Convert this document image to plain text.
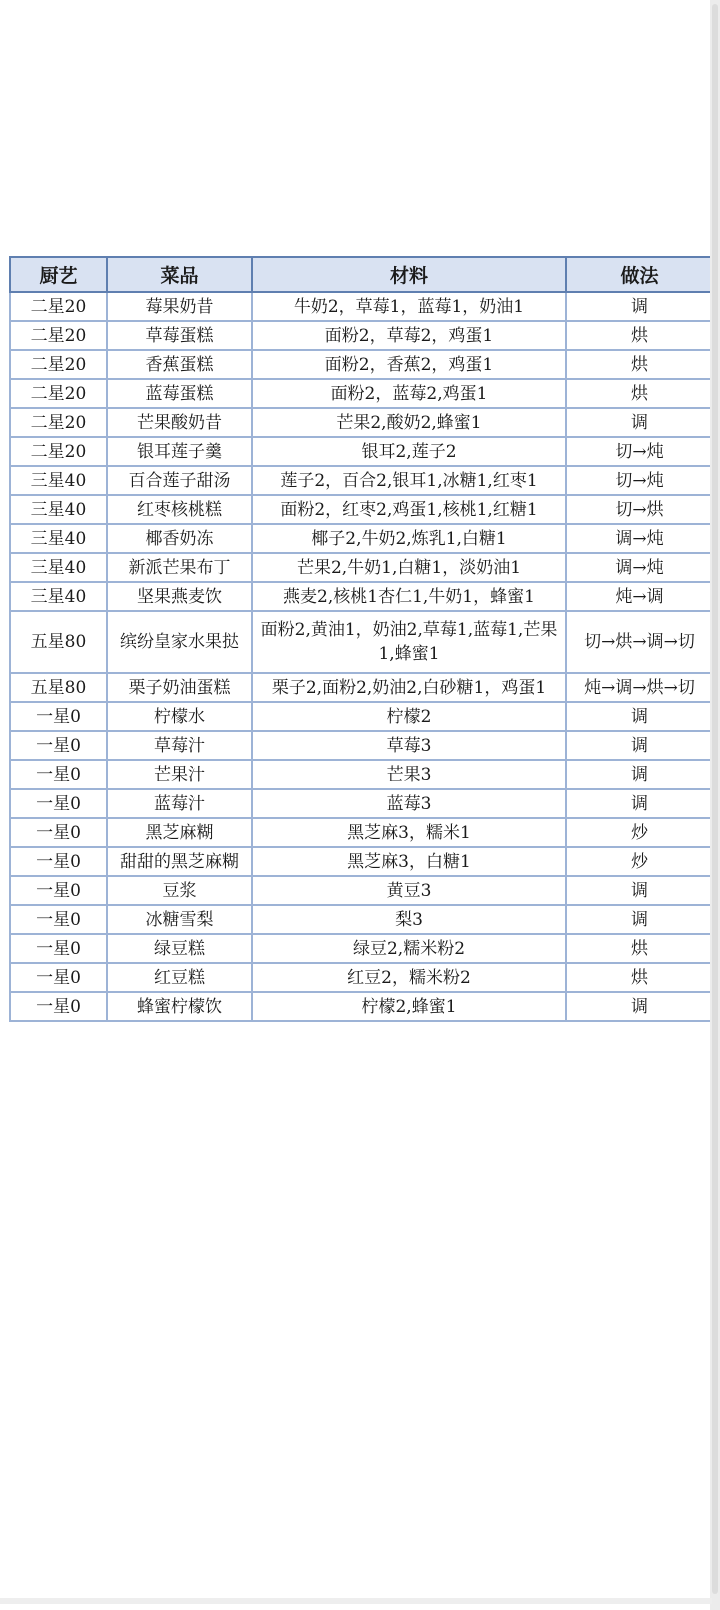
厨艺	菜品	材料	做法
二星20	莓果奶昔	牛奶2，草莓1，蓝莓1，奶油1	调
二星20	草莓蛋糕	面粉2，草莓2，鸡蛋1	烘
二星20	香蕉蛋糕	面粉2，香蕉2，鸡蛋1	烘
二星20	蓝莓蛋糕	面粉2，蓝莓2,鸡蛋1	烘
二星20	芒果酸奶昔	芒果2,酸奶2,蜂蜜1	调
二星20	银耳莲子羹	银耳2,莲子2	切→炖
三星40	百合莲子甜汤	莲子2，百合2,银耳1,冰糖1,红枣1	切→炖
三星40	红枣核桃糕	面粉2，红枣2,鸡蛋1,核桃1,红糖1	切→烘
三星40	椰香奶冻	椰子2,牛奶2,炼乳1,白糖1	调→炖
三星40	新派芒果布丁	芒果2,牛奶1,白糖1，淡奶油1	调→炖
三星40	坚果燕麦饮	燕麦2,核桃1杏仁1,牛奶1，蜂蜜1	炖→调
五星80	缤纷皇家水果挞	面粉2,黄油1，奶油2,草莓1,蓝莓1,芒果1,蜂蜜1	切→烘→调→切
五星80	栗子奶油蛋糕	栗子2,面粉2,奶油2,白砂糖1，鸡蛋1	炖→调→烘→切
一星0	柠檬水	柠檬2	调
一星0	草莓汁	草莓3	调
一星0	芒果汁	芒果3	调
一星0	蓝莓汁	蓝莓3	调
一星0	黑芝麻糊	黑芝麻3，糯米1	炒
一星0	甜甜的黑芝麻糊	黑芝麻3，白糖1	炒
一星0	豆浆	黄豆3	调
一星0	冰糖雪梨	梨3	调
一星0	绿豆糕	绿豆2,糯米粉2	烘
一星0	红豆糕	红豆2，糯米粉2	烘
一星0	蜂蜜柠檬饮	柠檬2,蜂蜜1	调
